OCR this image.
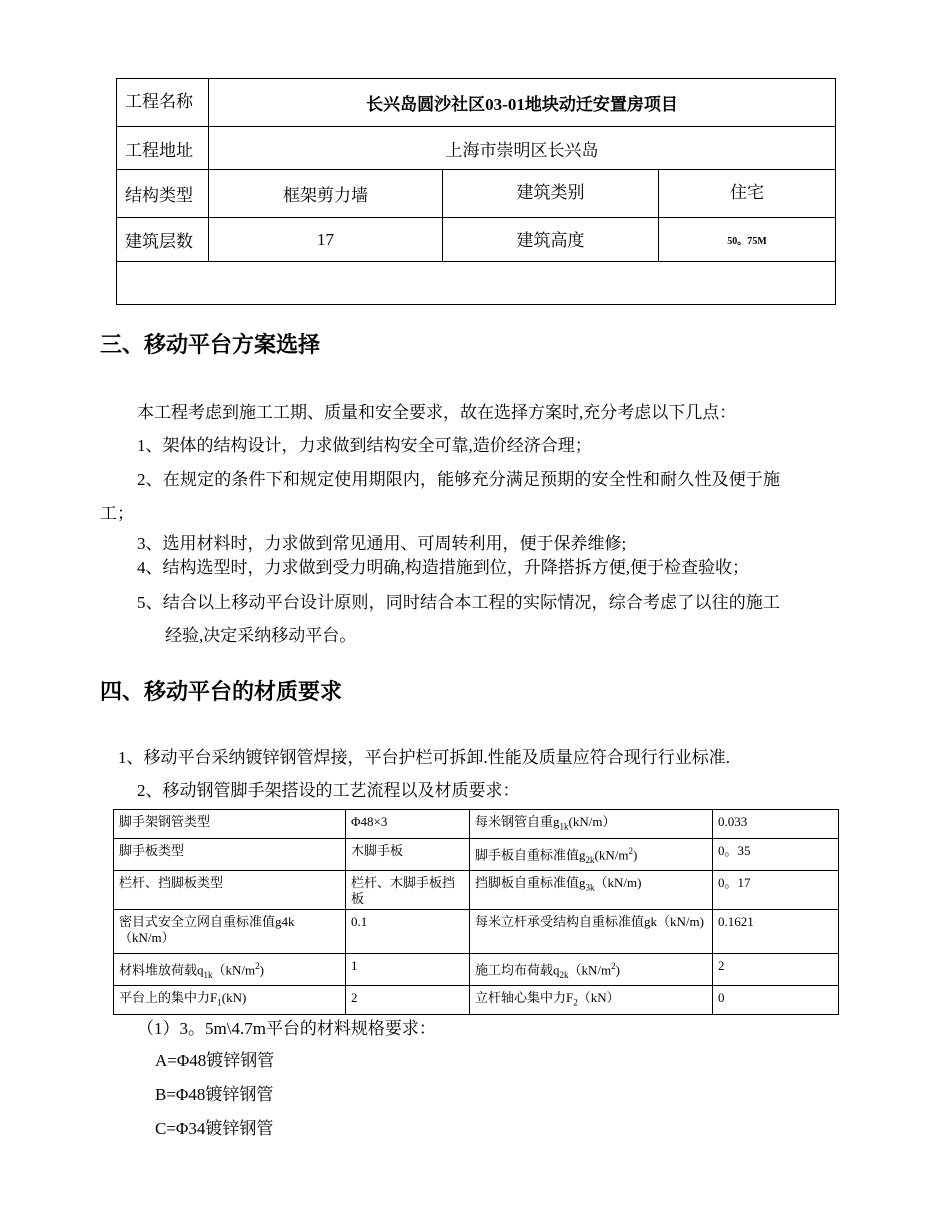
工程名称	长兴岛圆沙社区03-01地块动迁安置房项目		
工程地址	上海市崇明区长兴岛		
结构类型	框架剪力墙	建筑类别	住宅
建筑层数	17	建筑高度	50。75M

三、移动平台方案选择

本工程考虑到施工工期、质量和安全要求，故在选择方案时,充分考虑以下几点：

1、架体的结构设计，力求做到结构安全可靠,造价经济合理；

2、在规定的条件下和规定使用期限内，能够充分满足预期的安全性和耐久性及便于施

工；

3、选用材料时，力求做到常见通用、可周转利用，便于保养维修;

4、结构选型时，力求做到受力明确,构造措施到位，升降搭拆方便,便于检查验收；

5、结合以上移动平台设计原则，同时结合本工程的实际情况，综合考虑了以往的施工

经验,决定采纳移动平台。

四、移动平台的材质要求

1、移动平台采纳镀锌钢管焊接，平台护栏可拆卸.性能及质量应符合现行行业标准.

2、移动钢管脚手架搭设的工艺流程以及材质要求：

脚手架钢管类型	Φ48×3	每米钢管自重$g_{1k}(kN/m)$	0.033
脚手板类型	木脚手板	脚手板自重标准值$g_{2k}(kN/m^2)$	0。35
栏杆、挡脚板类型	栏杆、木脚手板挡板	挡脚板自重标准值$g_{3k}(kN/m)$	0。17
密目式安全立网自重标准值g4k（kN/m）	0.1	每米立杆承受结构自重标准值gk（kN/m)	0.1621
材料堆放荷载$q_{1k}(kN/m^2)$	1	施工均布荷载$q_{2k}(kN/m^2)$	2
平台上的集中力$F_1(kN)$	2	立杆轴心集中力$F_2(kN)$	0

（1）3。5m\4.7m平台的材料规格要求：

A=Φ48镀锌钢管

B=Φ48镀锌钢管

C=Φ34镀锌钢管
